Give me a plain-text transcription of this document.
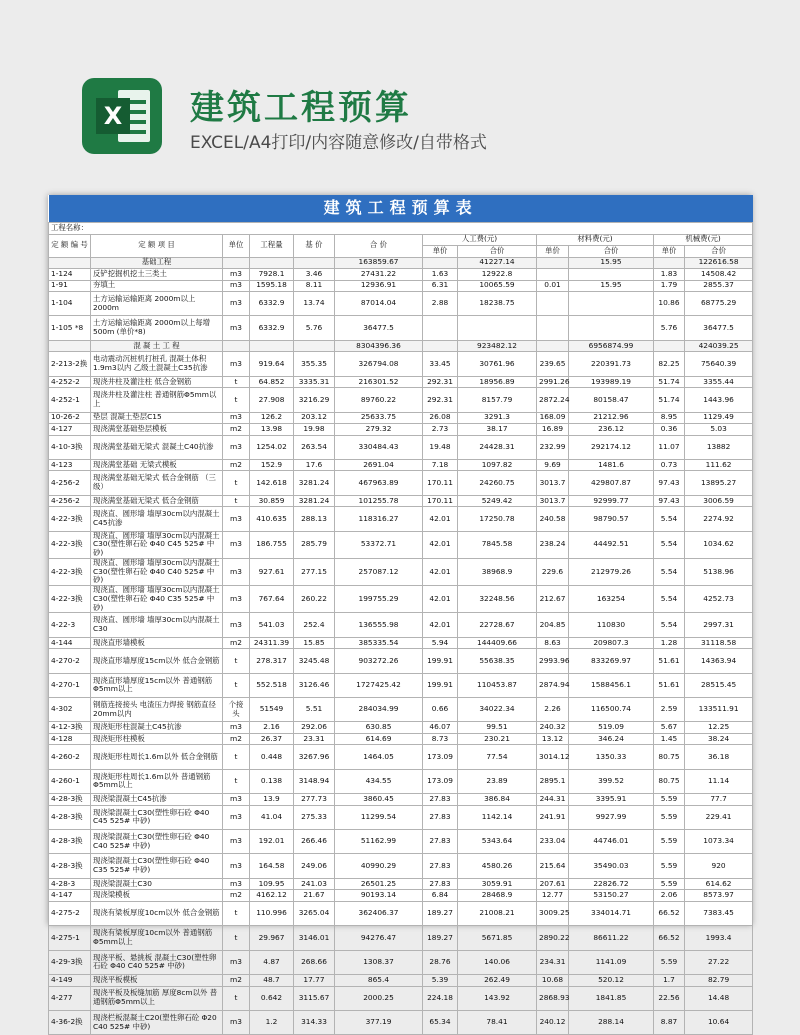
X 建筑工程预算
EXCEL/A4打印/内容随意修改/自带格式
建筑工程预算表											
工程名称：											
定 额 编 号	定 额 项 目	单位	工程量	基 价	合 价	人工费(元)		材料费(元)		机械费(元)	
						单价	合价	单价	合价	单价	合价
	基础工程				163859.67		41227.14		15.95		122616.58
1-124	反铲挖掘机挖土三类土	m3	7928.1	3.46	27431.22	1.63	12922.8			1.83	14508.42
1-91	夯填土	m3	1595.18	8.11	12936.91	6.31	10065.59	0.01	15.95	1.79	2855.37
1-104	土方运输运输距离 2000m以上2000m	m3	6332.9	13.74	87014.04	2.88	18238.75			10.86	68775.29
1-105 *8	土方运输运输距离 2000m以上每增500m (单价*8)	m3	6332.9	5.76	36477.5					5.76	36477.5
	混 凝 土 工 程				8304396.36		923482.12		6956874.99		424039.25
2-213-2换	电动震动沉桩机打桩孔 混凝土体积1.9m3以内 乙级土混凝土C35抗渗	m3	919.64	355.35	326794.08	33.45	30761.96	239.65	220391.73	82.25	75640.39
4-252-2	现浇井柱及灌注柱 低合金钢筋	t	64.852	3335.31	216301.52	292.31	18956.89	2991.26	193989.19	51.74	3355.44
4-252-1	现浇井柱及灌注柱 普通钢筋Φ5mm以上	t	27.908	3216.29	89760.22	292.31	8157.79	2872.24	80158.47	51.74	1443.96
10-26-2	垫层 混凝土垫层C15	m3	126.2	203.12	25633.75	26.08	3291.3	168.09	21212.96	8.95	1129.49
4-127	现浇满堂基础垫层模板	m2	13.98	19.98	279.32	2.73	38.17	16.89	236.12	0.36	5.03
4-10-3换	现浇满堂基础无梁式 混凝土C40抗渗	m3	1254.02	263.54	330484.43	19.48	24428.31	232.99	292174.12	11.07	13882
4-123	现浇满堂基础 无梁式模板	m2	152.9	17.6	2691.04	7.18	1097.82	9.69	1481.6	0.73	111.62
4-256-2	现浇满堂基础无梁式 低合金钢筋 （三级）	t	142.618	3281.24	467963.89	170.11	24260.75	3013.7	429807.87	97.43	13895.27
4-256-2	现浇满堂基础无梁式 低合金钢筋	t	30.859	3281.24	101255.78	170.11	5249.42	3013.7	92999.77	97.43	3006.59
4-22-3换	现浇直、圆形墙 墙厚30cm以内混凝土C45抗渗	m3	410.635	288.13	118316.27	42.01	17250.78	240.58	98790.57	5.54	2274.92
4-22-3换	现浇直、圆形墙 墙厚30cm以内混凝土C30(塑性卵石砼 Φ40 C45 525# 中砂)	m3	186.755	285.79	53372.71	42.01	7845.58	238.24	44492.51	5.54	1034.62
4-22-3换	现浇直、圆形墙 墙厚30cm以内混凝土C30(塑性卵石砼 Φ40 C40 525# 中砂)	m3	927.61	277.15	257087.12	42.01	38968.9	229.6	212979.26	5.54	5138.96
4-22-3换	现浇直、圆形墙 墙厚30cm以内混凝土C30(塑性卵石砼 Φ40 C35 525# 中砂)	m3	767.64	260.22	199755.29	42.01	32248.56	212.67	163254	5.54	4252.73
4-22-3	现浇直、圆形墙 墙厚30cm以内混凝土C30	m3	541.03	252.4	136555.98	42.01	22728.67	204.85	110830	5.54	2997.31
4-144	现浇直形墙模板	m2	24311.39	15.85	385335.54	5.94	144409.66	8.63	209807.3	1.28	31118.58
4-270-2	现浇直形墙厚度15cm以外 低合金钢筋	t	278.317	3245.48	903272.26	199.91	55638.35	2993.96	833269.97	51.61	14363.94
4-270-1	现浇直形墙厚度15cm以外 普通钢筋Φ5mm以上	t	552.518	3126.46	1727425.42	199.91	110453.87	2874.94	1588456.1	51.61	28515.45
4-302	钢筋连接接头 电渣压力焊接 钢筋直径20mm以内	个接头	51549	5.51	284034.99	0.66	34022.34	2.26	116500.74	2.59	133511.91
4-12-3换	现浇矩形柱混凝土C45抗渗	m3	2.16	292.06	630.85	46.07	99.51	240.32	519.09	5.67	12.25
4-128	现浇矩形柱模板	m2	26.37	23.31	614.69	8.73	230.21	13.12	346.24	1.45	38.24
4-260-2	现浇矩形柱周长1.6m以外 低合金钢筋	t	0.448	3267.96	1464.05	173.09	77.54	3014.12	1350.33	80.75	36.18
4-260-1	现浇矩形柱周长1.6m以外 普通钢筋Φ5mm以上	t	0.138	3148.94	434.55	173.09	23.89	2895.1	399.52	80.75	11.14
4-28-3换	现浇梁混凝土C45抗渗	m3	13.9	277.73	3860.45	27.83	386.84	244.31	3395.91	5.59	77.7
4-28-3换	现浇梁混凝土C30(塑性卵石砼 Φ40 C45 525# 中砂)	m3	41.04	275.33	11299.54	27.83	1142.14	241.91	9927.99	5.59	229.41
4-28-3换	现浇梁混凝土C30(塑性卵石砼 Φ40 C40 525# 中砂)	m3	192.01	266.46	51162.99	27.83	5343.64	233.04	44746.01	5.59	1073.34
4-28-3换	现浇梁混凝土C30(塑性卵石砼 Φ40 C35 525# 中砂)	m3	164.58	249.06	40990.29	27.83	4580.26	215.64	35490.03	5.59	920
4-28-3	现浇梁混凝土C30	m3	109.95	241.03	26501.25	27.83	3059.91	207.61	22826.72	5.59	614.62
4-147	现浇梁模板	m2	4162.12	21.67	90193.14	6.84	28468.9	12.77	53150.27	2.06	8573.97
4-275-2	现浇有梁板厚度10cm以外 低合金钢筋	t	110.996	3265.04	362406.37	189.27	21008.21	3009.25	334014.71	66.52	7383.45
4-275-1	现浇有梁板厚度10cm以外 普通钢筋Φ5mm以上	t	29.967	3146.01	94276.47	189.27	5671.85	2890.22	86611.22	66.52	1993.4
4-29-3换	现浇平板、悬挑板 混凝土C30(塑性卵石砼 Φ40 C40 525# 中砂)	m3	4.87	268.66	1308.37	28.76	140.06	234.31	1141.09	5.59	27.22
4-149	现浇平板模板	m2	48.7	17.77	865.4	5.39	262.49	10.68	520.12	1.7	82.79
4-277	现浇平板及板缝加筋 厚度8cm以外 普通钢筋Φ5mm以上	t	0.642	3115.67	2000.25	224.18	143.92	2868.93	1841.85	22.56	14.48
4-36-2换	现浇栏板混凝土C20(塑性卵石砼 Φ20 C40 525# 中砂)	m3	1.2	314.33	377.19	65.34	78.41	240.12	288.14	8.87	10.64
